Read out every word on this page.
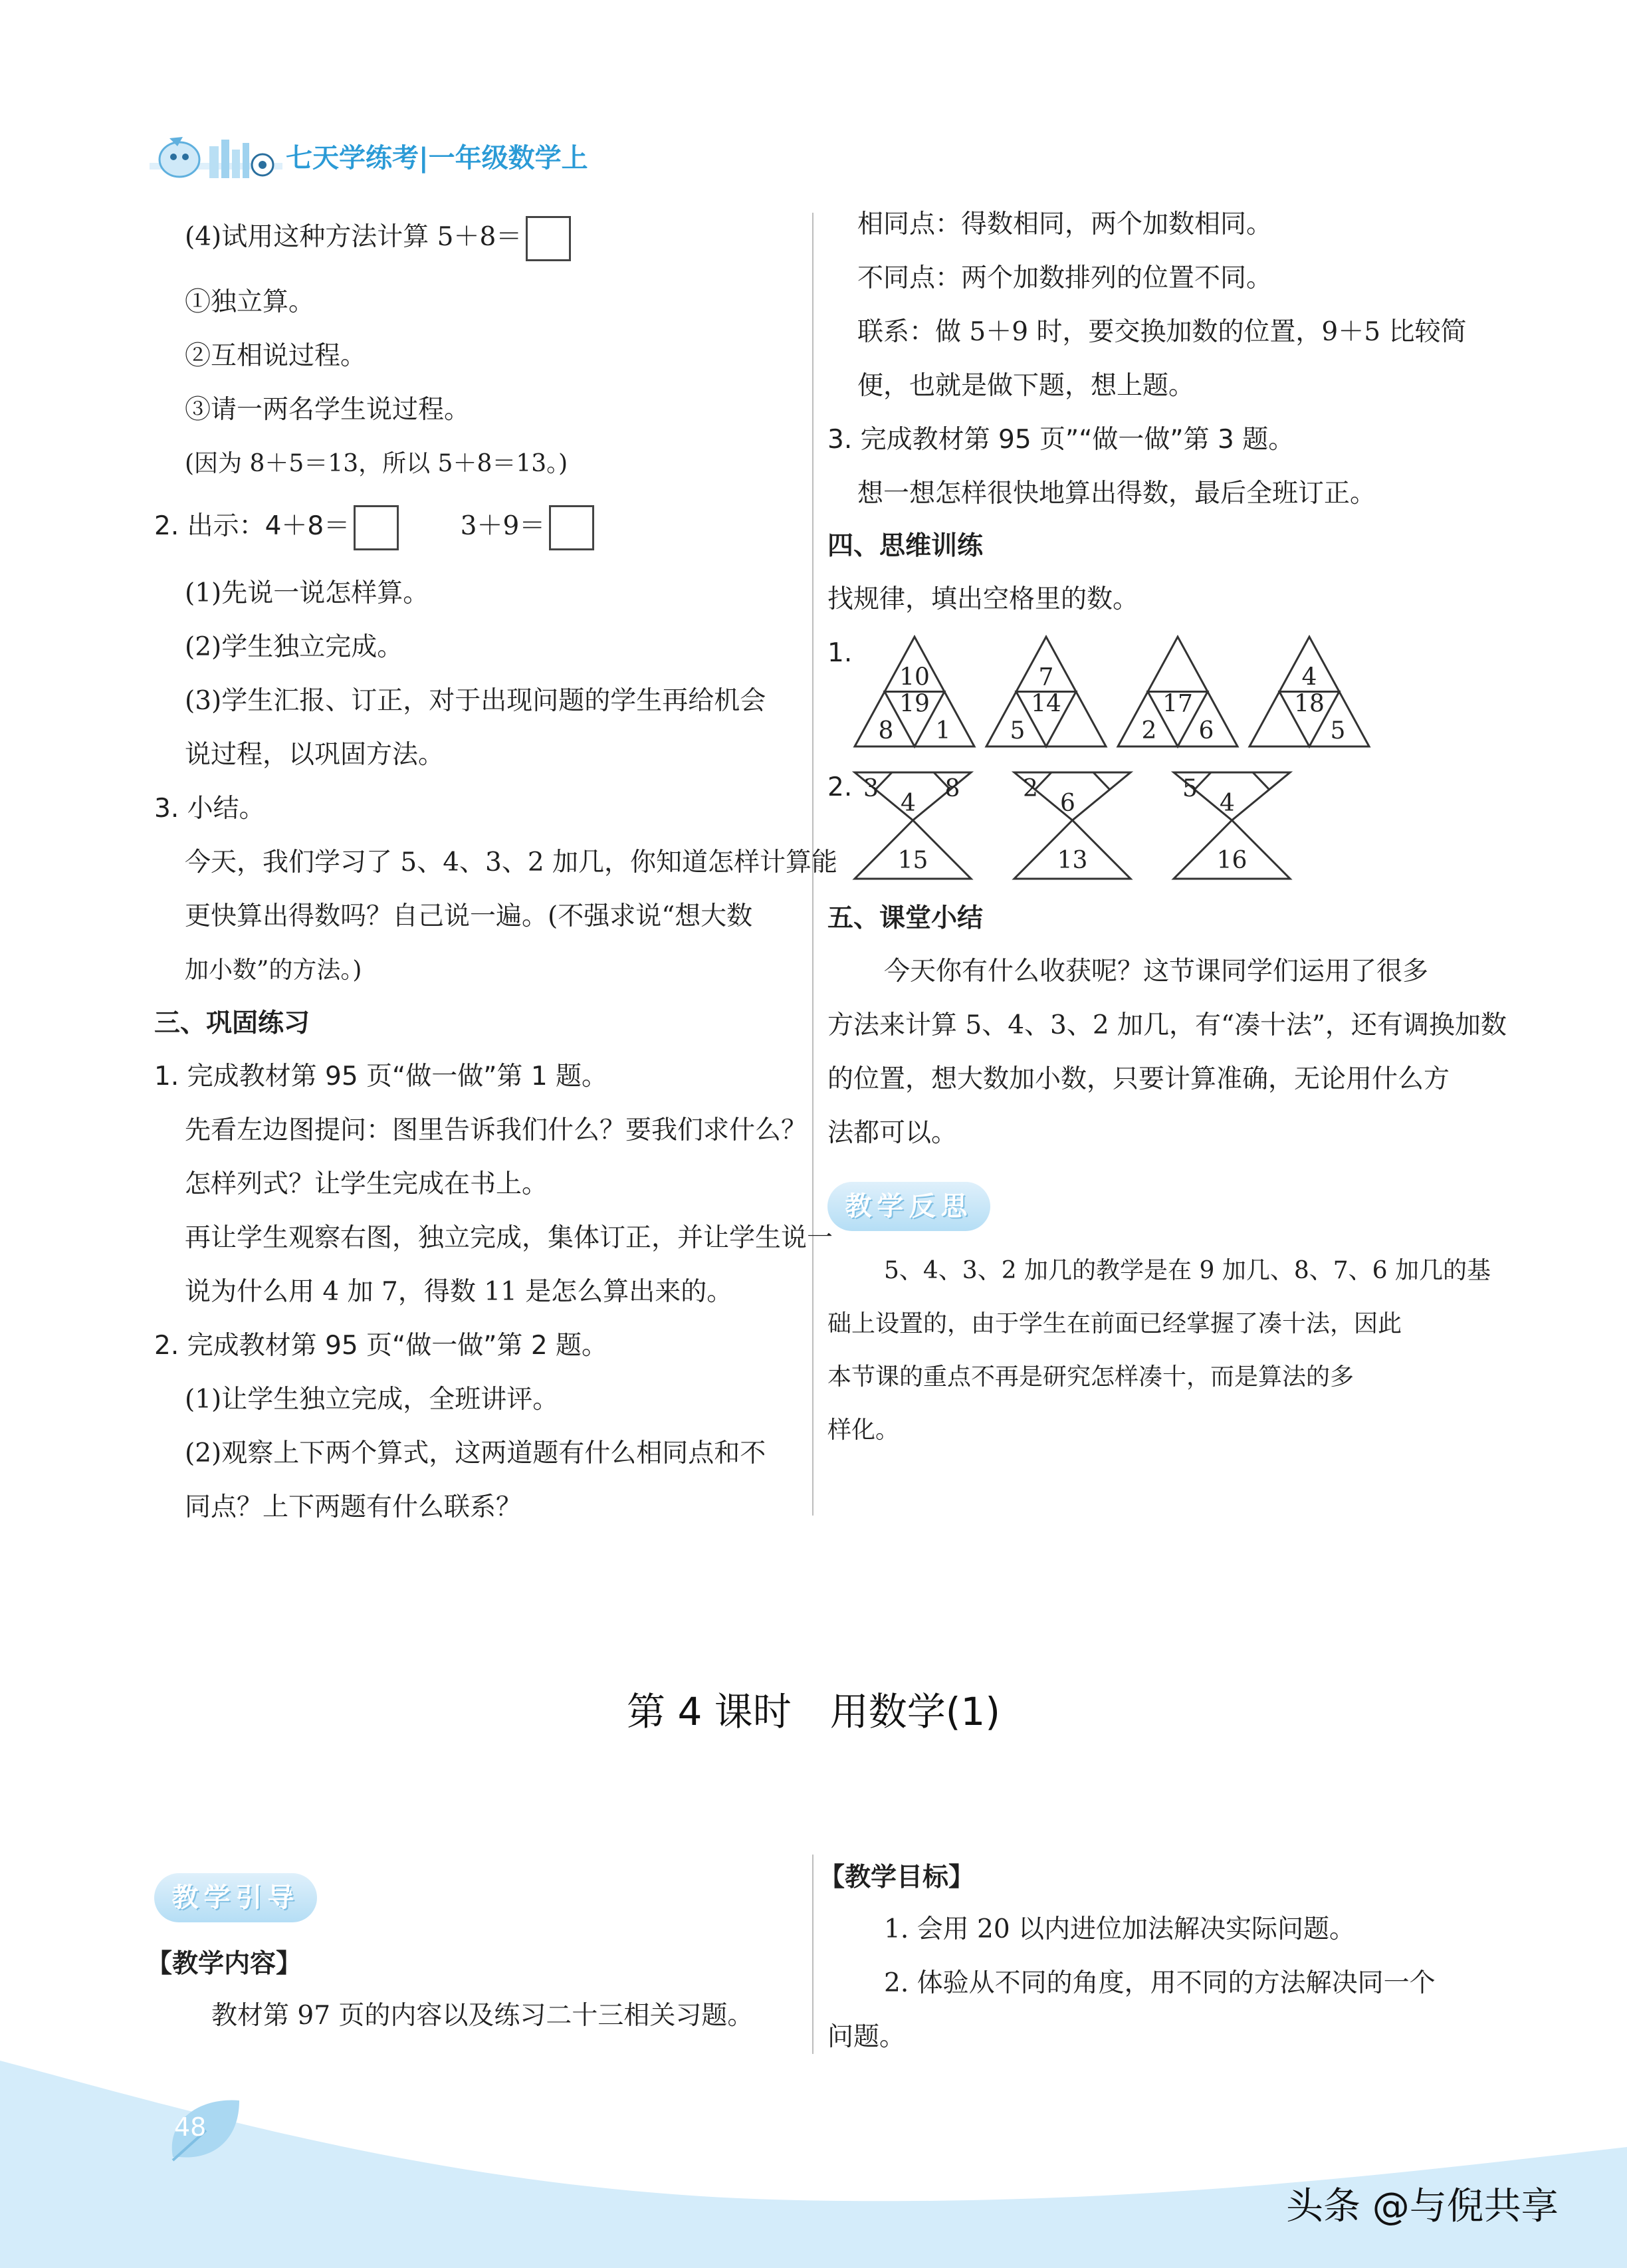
七天学练考|一年级数学上
(4)试用这种方法计算 5＋8＝
①独立算。
②互相说过程。
③请一两名学生说过程。
(因为 8＋5＝13，所以 5＋8＝13。)
2. 出示：4＋8＝	3＋9＝
(1)先说一说怎样算。
(2)学生独立完成。
(3)学生汇报、订正，对于出现问题的学生再给机会
说过程，以巩固方法。
3. 小结。
今天，我们学习了 5、4、3、2 加几，你知道怎样计算能
更快算出得数吗？自己说一遍。(不强求说“想大数
加小数”的方法。)
三、巩固练习
1. 完成教材第 95 页“做一做”第 1 题。
先看左边图提问：图里告诉我们什么？要我们求什么？
怎样列式？让学生完成在书上。
再让学生观察右图，独立完成，集体订正，并让学生说一
说为什么用 4 加 7，得数 11 是怎么算出来的。
2. 完成教材第 95 页“做一做”第 2 题。
(1)让学生独立完成，全班讲评。
(2)观察上下两个算式，这两道题有什么相同点和不
同点？上下两题有什么联系？
相同点：得数相同，两个加数相同。
不同点：两个加数排列的位置不同。
联系：做 5＋9 时，要交换加数的位置，9＋5 比较简
便，也就是做下题，想上题。
3. 完成教材第 95 页”“做一做”第 3 题。
想一想怎样很快地算出得数，最后全班订正。
四、思维训练
找规律，填出空格里的数。
1.
10
19
8 1
7
14
5
17
2 6
4
18
5
2. 3
4
8
15
2
6
13
5
4
16
五、课堂小结
今天你有什么收获呢？这节课同学们运用了很多
方法来计算 5、4、3、2 加几，有“凑十法”，还有调换加数
的位置，想大数加小数，只要计算准确，无论用什么方
法都可以。
教学反思
5、4、3、2 加几的教学是在 9 加几、8、7、6 加几的基
础上设置的，由于学生在前面已经掌握了凑十法，因此
本节课的重点不再是研究怎样凑十，而是算法的多
样化。
第 4 课时　用数学(1)
教学引导
【教学内容】
教材第 97 页的内容以及练习二十三相关习题。
【教学目标】
1. 会用 20 以内进位加法解决实际问题。
2. 体验从不同的角度，用不同的方法解决同一个
问题。
48
头条 @与倪共享
